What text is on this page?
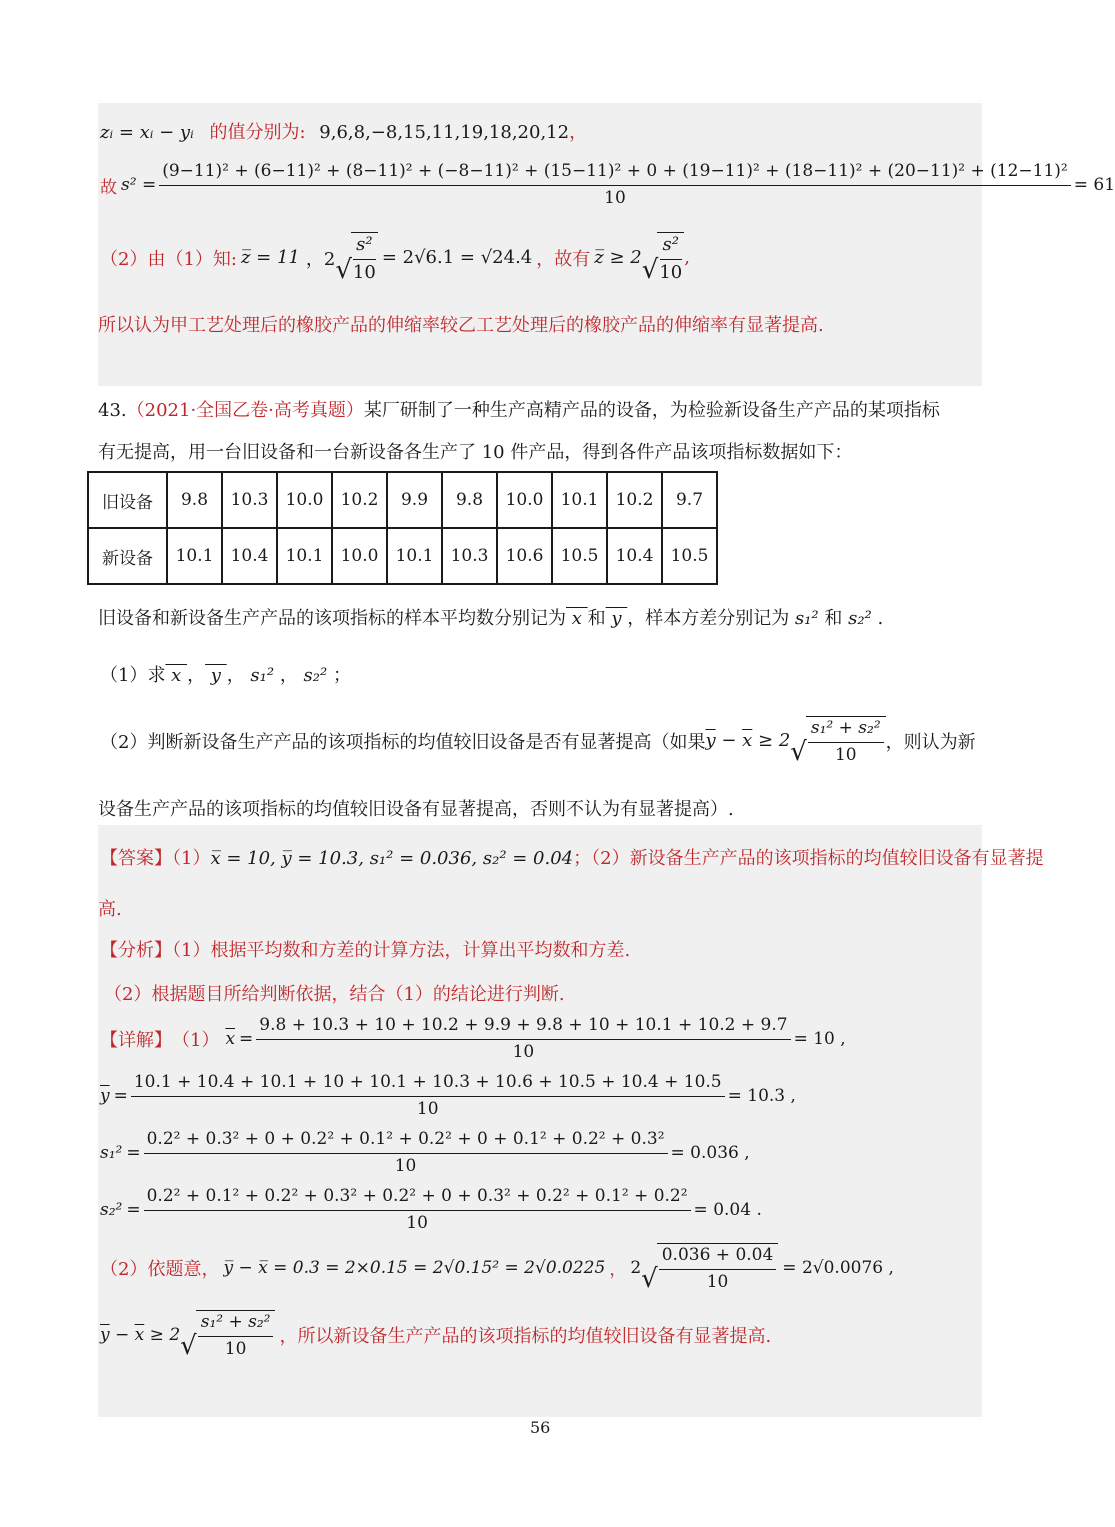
zᵢ = xᵢ − yᵢ 的值分别为: 9,6,8,−8,15,11,19,18,20,12，
故 s² =
(9−11)² + (6−11)² + (8−11)² + (−8−11)² + (15−11)² + 0 + (19−11)² + (18−11)² + (20−11)² + (12−11)²
10
= 61
（2）由（1）知: z̅ = 11 ，2 √ $\frac{\text{s²}}{10} = 2√6.1 = √24.4$ ，故有 z̅ ≥ 2 √ $\frac{\text{s²}}{10}$ ,
所以认为甲工艺处理后的橡胶产品的伸缩率较乙工艺处理后的橡胶产品的伸缩率有显著提高.
43.（2021·全国乙卷·高考真题）某厂研制了一种生产高精产品的设备，为检验新设备生产产品的某项指标
有无提高，用一台旧设备和一台新设备各生产了 10 件产品，得到各件产品该项指标数据如下：
旧设备	9.8	10.3	10.0	10.2	9.9	9.8	10.0	10.1	10.2	9.7
新设备	10.1	10.4	10.1	10.0	10.1	10.3	10.6	10.5	10.4	10.5
旧设备和新设备生产产品的该项指标的样本平均数分别记为 x 和 y ，样本方差分别记为 s₁² 和 s₂² .
（1）求 x ， y ， s₁² ， s₂² ；
（2）判断新设备生产产品的该项指标的均值较旧设备是否有显著提高（如果 $\overline{y} - \overline{x} \ge 2$ √ $\frac{\text{s₁² + s₂²}}{10}$ ，则认为新
设备生产产品的该项指标的均值较旧设备有显著提高，否则不认为有显著提高）.
【答案】（1）x̅ = 10, y̅ = 10.3, s₁² = 0.036, s₂² = 0.04；（2）新设备生产产品的该项指标的均值较旧设备有显著提
高.
【分析】（1）根据平均数和方差的计算方法，计算出平均数和方差.
（2）根据题目所给判断依据，结合（1）的结论进行判断.
【详解】 （1） $\overline{x} = \frac{9.8 + 10.3 + 10 + 10.2 + 9.9 + 9.8 + 10 + 10.1 + 10.2 + 9.7}{10} = 10$ ,
$\overline{y}$ =
10.1 + 10.4 + 10.1 + 10 + 10.1 + 10.3 + 10.6 + 10.5 + 10.4 + 10.5
10
= 10.3 ,
s₁² =
0.2² + 0.3² + 0 + 0.2² + 0.1² + 0.2² + 0 + 0.1² + 0.2² + 0.3²
10
= 0.036 ,
s₂² =
0.2² + 0.1² + 0.2² + 0.3² + 0.2² + 0 + 0.3² + 0.2² + 0.1² + 0.2²
10
= 0.04 .
（2）依题意， y̅ − x̅ = 0.3 = 2×0.15 = 2√0.15² = 2√0.0225 ， 2 √ $\frac{0.036 + 0.04}{10} = 2√0.0076$ ,
$\overline{y} - \overline{x} \ge 2$ √ $\frac{\text{s₁² + s₂²}}{10}$ ，所以新设备生产产品的该项指标的均值较旧设备有显著提高.
56
